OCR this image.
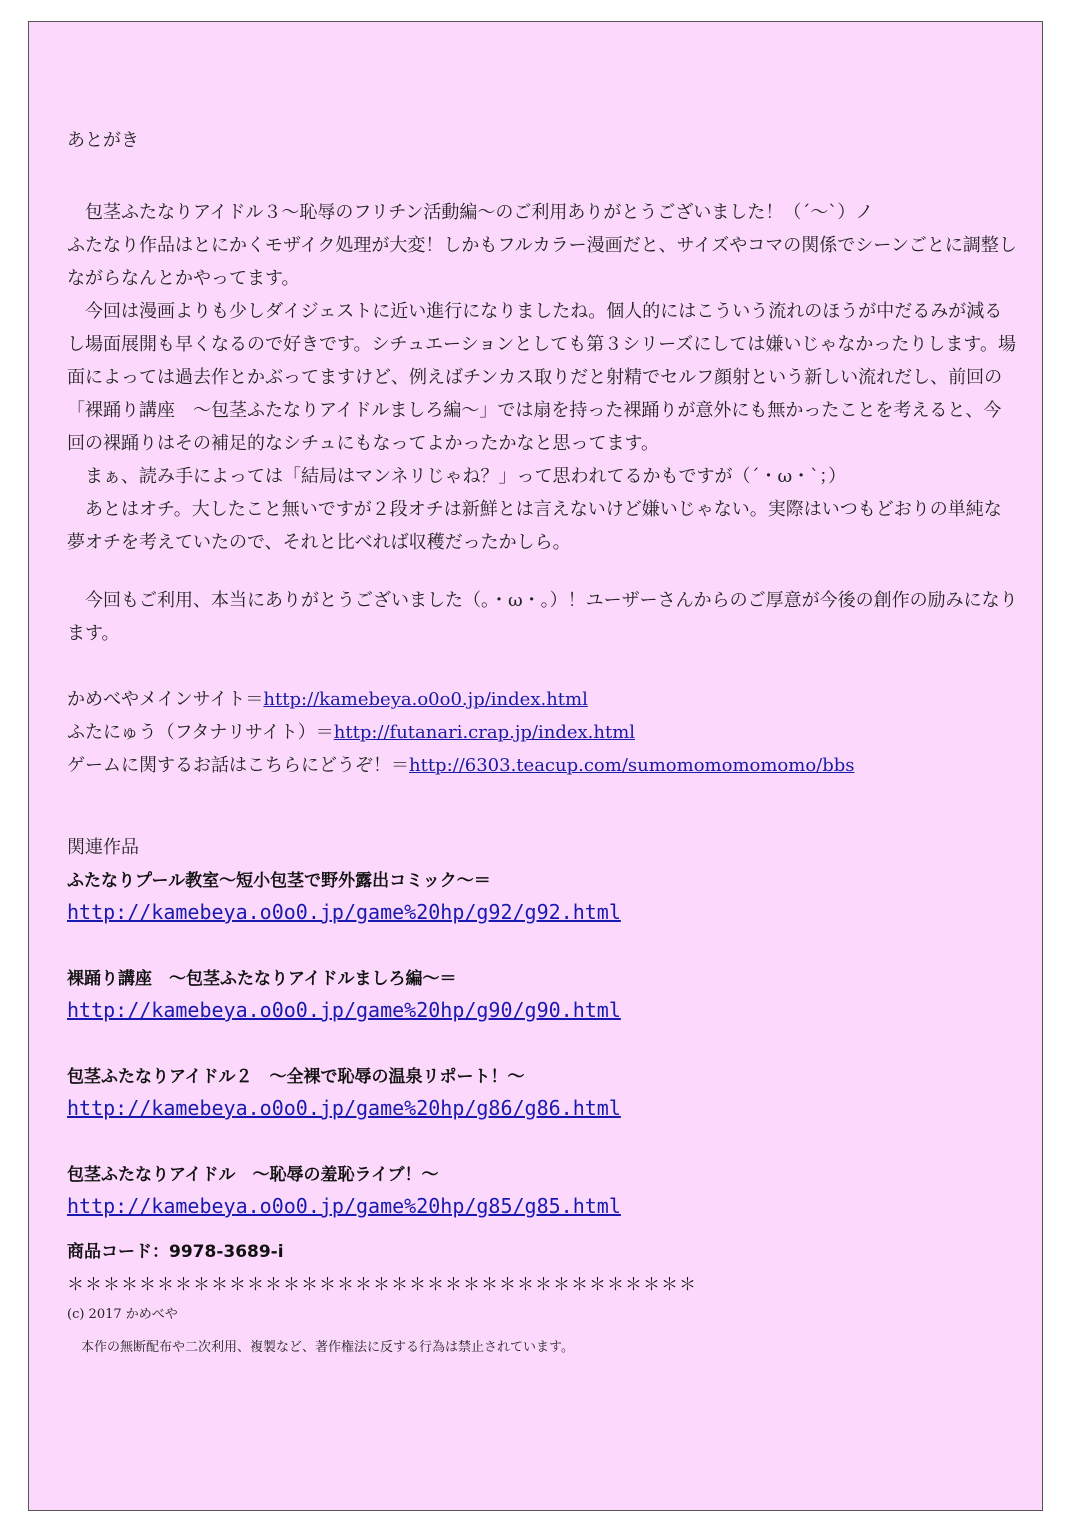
あとがき

包茎ふたなりアイドル３～恥辱のフリチン活動編～のご利用ありがとうございました！（´～`）ノ

ふたなり作品はとにかくモザイク処理が大変！しかもフルカラー漫画だと、サイズやコマの関係でシーンごとに調整しながらなんとかやってます。

今回は漫画よりも少しダイジェストに近い進行になりましたね。個人的にはこういう流れのほうが中だるみが減るし場面展開も早くなるので好きです。シチュエーションとしても第３シリーズにしては嫌いじゃなかったりします。場面によっては過去作とかぶってますけど、例えばチンカス取りだと射精でセルフ顔射という新しい流れだし、前回の「裸踊り講座　～包茎ふたなりアイドルましろ編～」では扇を持った裸踊りが意外にも無かったことを考えると、今回の裸踊りはその補足的なシチュにもなってよかったかなと思ってます。

まぁ、読み手によっては「結局はマンネリじゃね？」って思われてるかもですが（´・ω・`；）

あとはオチ。大したこと無いですが２段オチは新鮮とは言えないけど嫌いじゃない。実際はいつもどおりの単純な夢オチを考えていたので、それと比べれば収穫だったかしら。

今回もご利用、本当にありがとうございました（。・ω・。）！ユーザーさんからのご厚意が今後の創作の励みになります。

かめべやメインサイト＝http://kamebeya.o0o0.jp/index.html

ふたにゅう（フタナリサイト）＝http://futanari.crap.jp/index.html

ゲームに関するお話はこちらにどうぞ！＝http://6303.teacup.com/sumomomomomomo/bbs

関連作品

ふたなりプール教室～短小包茎で野外露出コミック～＝
http://kamebeya.o0o0.jp/game%20hp/g92/g92.html
裸踊り講座　～包茎ふたなりアイドルましろ編～＝
http://kamebeya.o0o0.jp/game%20hp/g90/g90.html
包茎ふたなりアイドル２　～全裸で恥辱の温泉リポート！～
http://kamebeya.o0o0.jp/game%20hp/g86/g86.html
包茎ふたなりアイドル　～恥辱の羞恥ライブ！～
http://kamebeya.o0o0.jp/game%20hp/g85/g85.html
商品コード：9978-3689-i
＊＊＊＊＊＊＊＊＊＊＊＊＊＊＊＊＊＊＊＊＊＊＊＊＊＊＊＊＊＊＊＊＊＊＊
(c) 2017 かめべや
本作の無断配布や二次利用、複製など、著作権法に反する行為は禁止されています。
